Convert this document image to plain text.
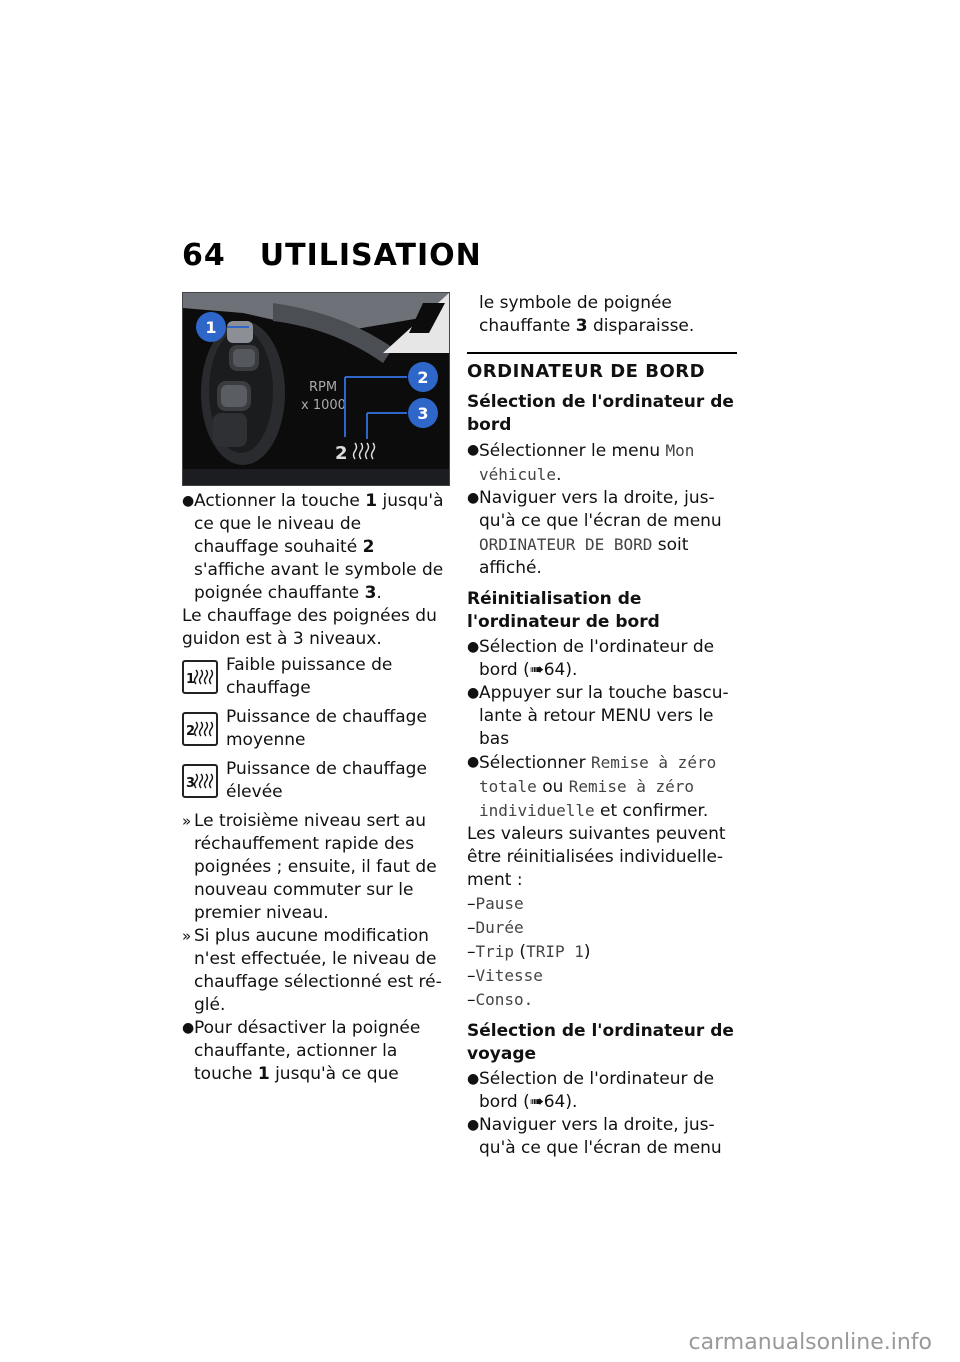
64 UTILISATION
RPM
x 1000
2
1
2
3

● Actionner la touche 1 jusqu'à ce que le niveau de chauffage souhaité 2 s'affiche avant le symbole de poignée chauffante 3.

Le chauffage des poignées du guidon est à 3 niveaux.

1
Faible puissance de chauffage
2
Puissance de chauffage moyenne
3
Puissance de chauffage élevée

» Le troisième niveau sert au réchauffement rapide des poignées ; ensuite, il faut de nouveau commuter sur le premier niveau.

» Si plus aucune modification n'est effectuée, le niveau de chauffage sélectionné est réglé.

● Pour désactiver la poignée chauffante, actionner la touche 1 jusqu'à ce que

le symbole de poignée chauffante 3 disparaisse.

ORDINATEUR DE BORD
Sélection de l'ordinateur de bord

● Sélectionner le menu Mon véhicule.

● Naviguer vers la droite, jusqu'à ce que l'écran de menu ORDINATEUR DE BORD soit affiché.

Réinitialisation de l'ordinateur de bord

● Sélection de l'ordinateur de bord (➠64).

● Appuyer sur la touche basculante à retour MENU vers le bas

● Sélectionner Remise à zéro totale ou Remise à zéro individuelle et confirmer.

Les valeurs suivantes peuvent être réinitialisées individuellement :

–Pause

–Durée

–Trip (TRIP 1)

–Vitesse

–Conso.

Sélection de l'ordinateur de voyage

● Sélection de l'ordinateur de bord (➠64).

● Naviguer vers la droite, jusqu'à ce que l'écran de menu

carmanualsonline.info
